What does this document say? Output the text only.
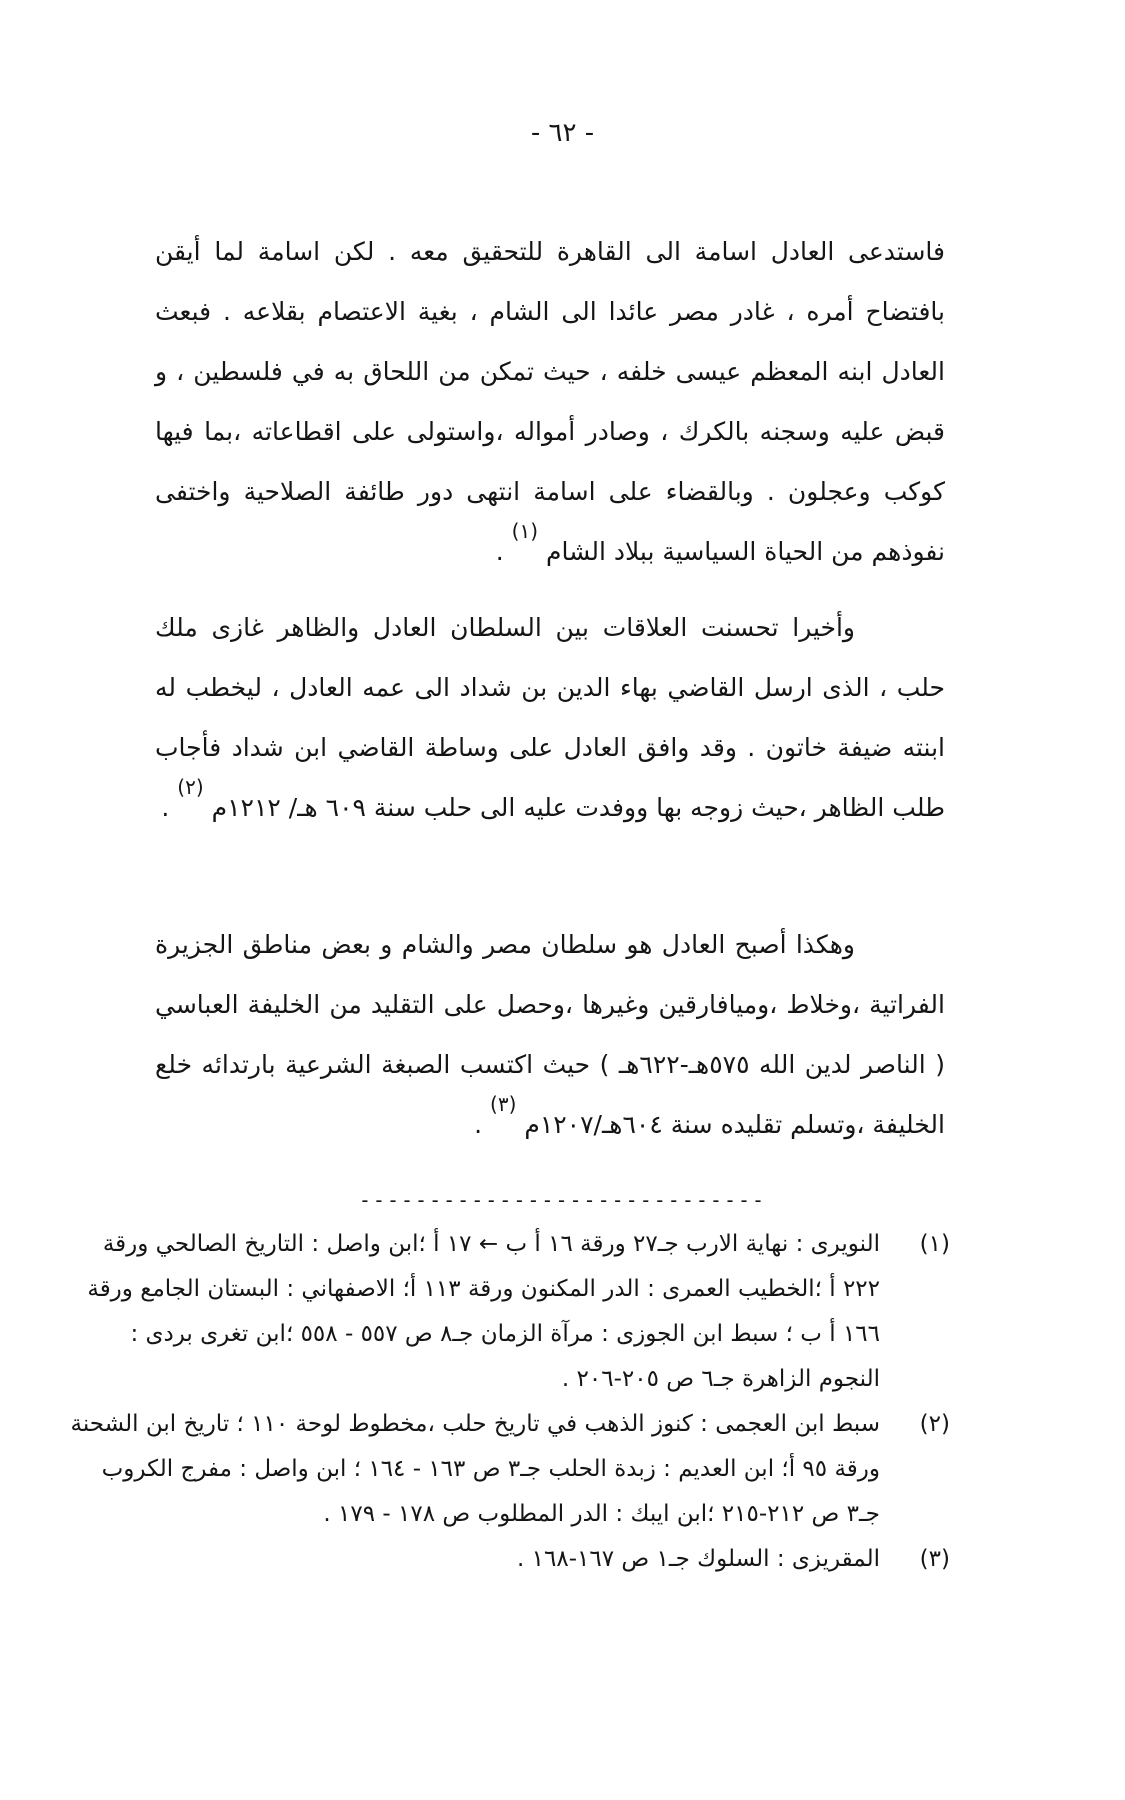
- ٦٢ -

فاستدعى العادل اسامة الى القاهرة للتحقيق معه . لكن اسامة لما أيقن بافتضاح أمره ، غادر مصر عائدا الى الشام ، بغية الاعتصام بقلاعه . فبعث العادل ابنه المعظم عيسى خلفه ، حيث تمكن من اللحاق به في فلسطين ، و قبض عليه وسجنه بالكرك ، وصادر أمواله ،واستولى على اقطاعاته ،بما فيها كوكب وعجلون . وبالقضاء على اسامة انتهى دور طائفة الصلاحية واختفى نفوذهم من الحياة السياسية ببلاد الشام $^{(١)}$ .

وأخيرا تحسنت العلاقات بين السلطان العادل والظاهر غازى ملك حلب ، الذى ارسل القاضي بهاء الدين بن شداد الى عمه العادل ، ليخطب له ابنته ضيفة خاتون . وقد وافق العادل على وساطة القاضي ابن شداد فأجاب طلب الظاهر ،حيث زوجه بها ووفدت عليه الى حلب سنة ٦٠٩ هـ/ ١٢١٢م $^{(٢)}$ .

وهكذا أصبح العادل هو سلطان مصر والشام و بعض مناطق الجزيرة الفراتية ،وخلاط ،وميافارقين وغيرها ،وحصل على التقليد من الخليفة العباسي ( الناصر لدين الله ٥٧٥هـ-٦٢٢هـ ) حيث اكتسب الصبغة الشرعية بارتدائه خلع الخليفة ،وتسلم تقليده سنة ٦٠٤هـ/١٢٠٧م $^{(٣)}$ .

-----------------------------
(١)
النويرى : نهاية الارب جـ٢٧ ورقة ١٦ أ ب ← ١٧ أ ؛ابن واصل : التاريخ الصالحي ورقة ٢٢٢ أ ؛الخطيب العمرى : الدر المكنون ورقة ١١٣ أ؛ الاصفهاني : البستان الجامع ورقة ١٦٦ أ ب ؛ سبط ابن الجوزى : مرآة الزمان جـ٨ ص ٥٥٧ - ٥٥٨ ؛ابن تغرى بردى : النجوم الزاهرة جـ٦ ص ٢٠٥-٢٠٦ .
(٢)
سبط ابن العجمى : كنوز الذهب في تاريخ حلب ،مخطوط لوحة ١١٠ ؛ تاريخ ابن الشحنة ورقة ٩٥ أ؛ ابن العديم : زبدة الحلب جـ٣ ص ١٦٣ - ١٦٤ ؛ ابن واصل : مفرج الكروب جـ٣ ص ٢١٢-٢١٥ ؛ابن ايبك : الدر المطلوب ص ١٧٨ - ١٧٩ .
(٣)
المقريزى : السلوك جـ١ ص ١٦٧-١٦٨ .
